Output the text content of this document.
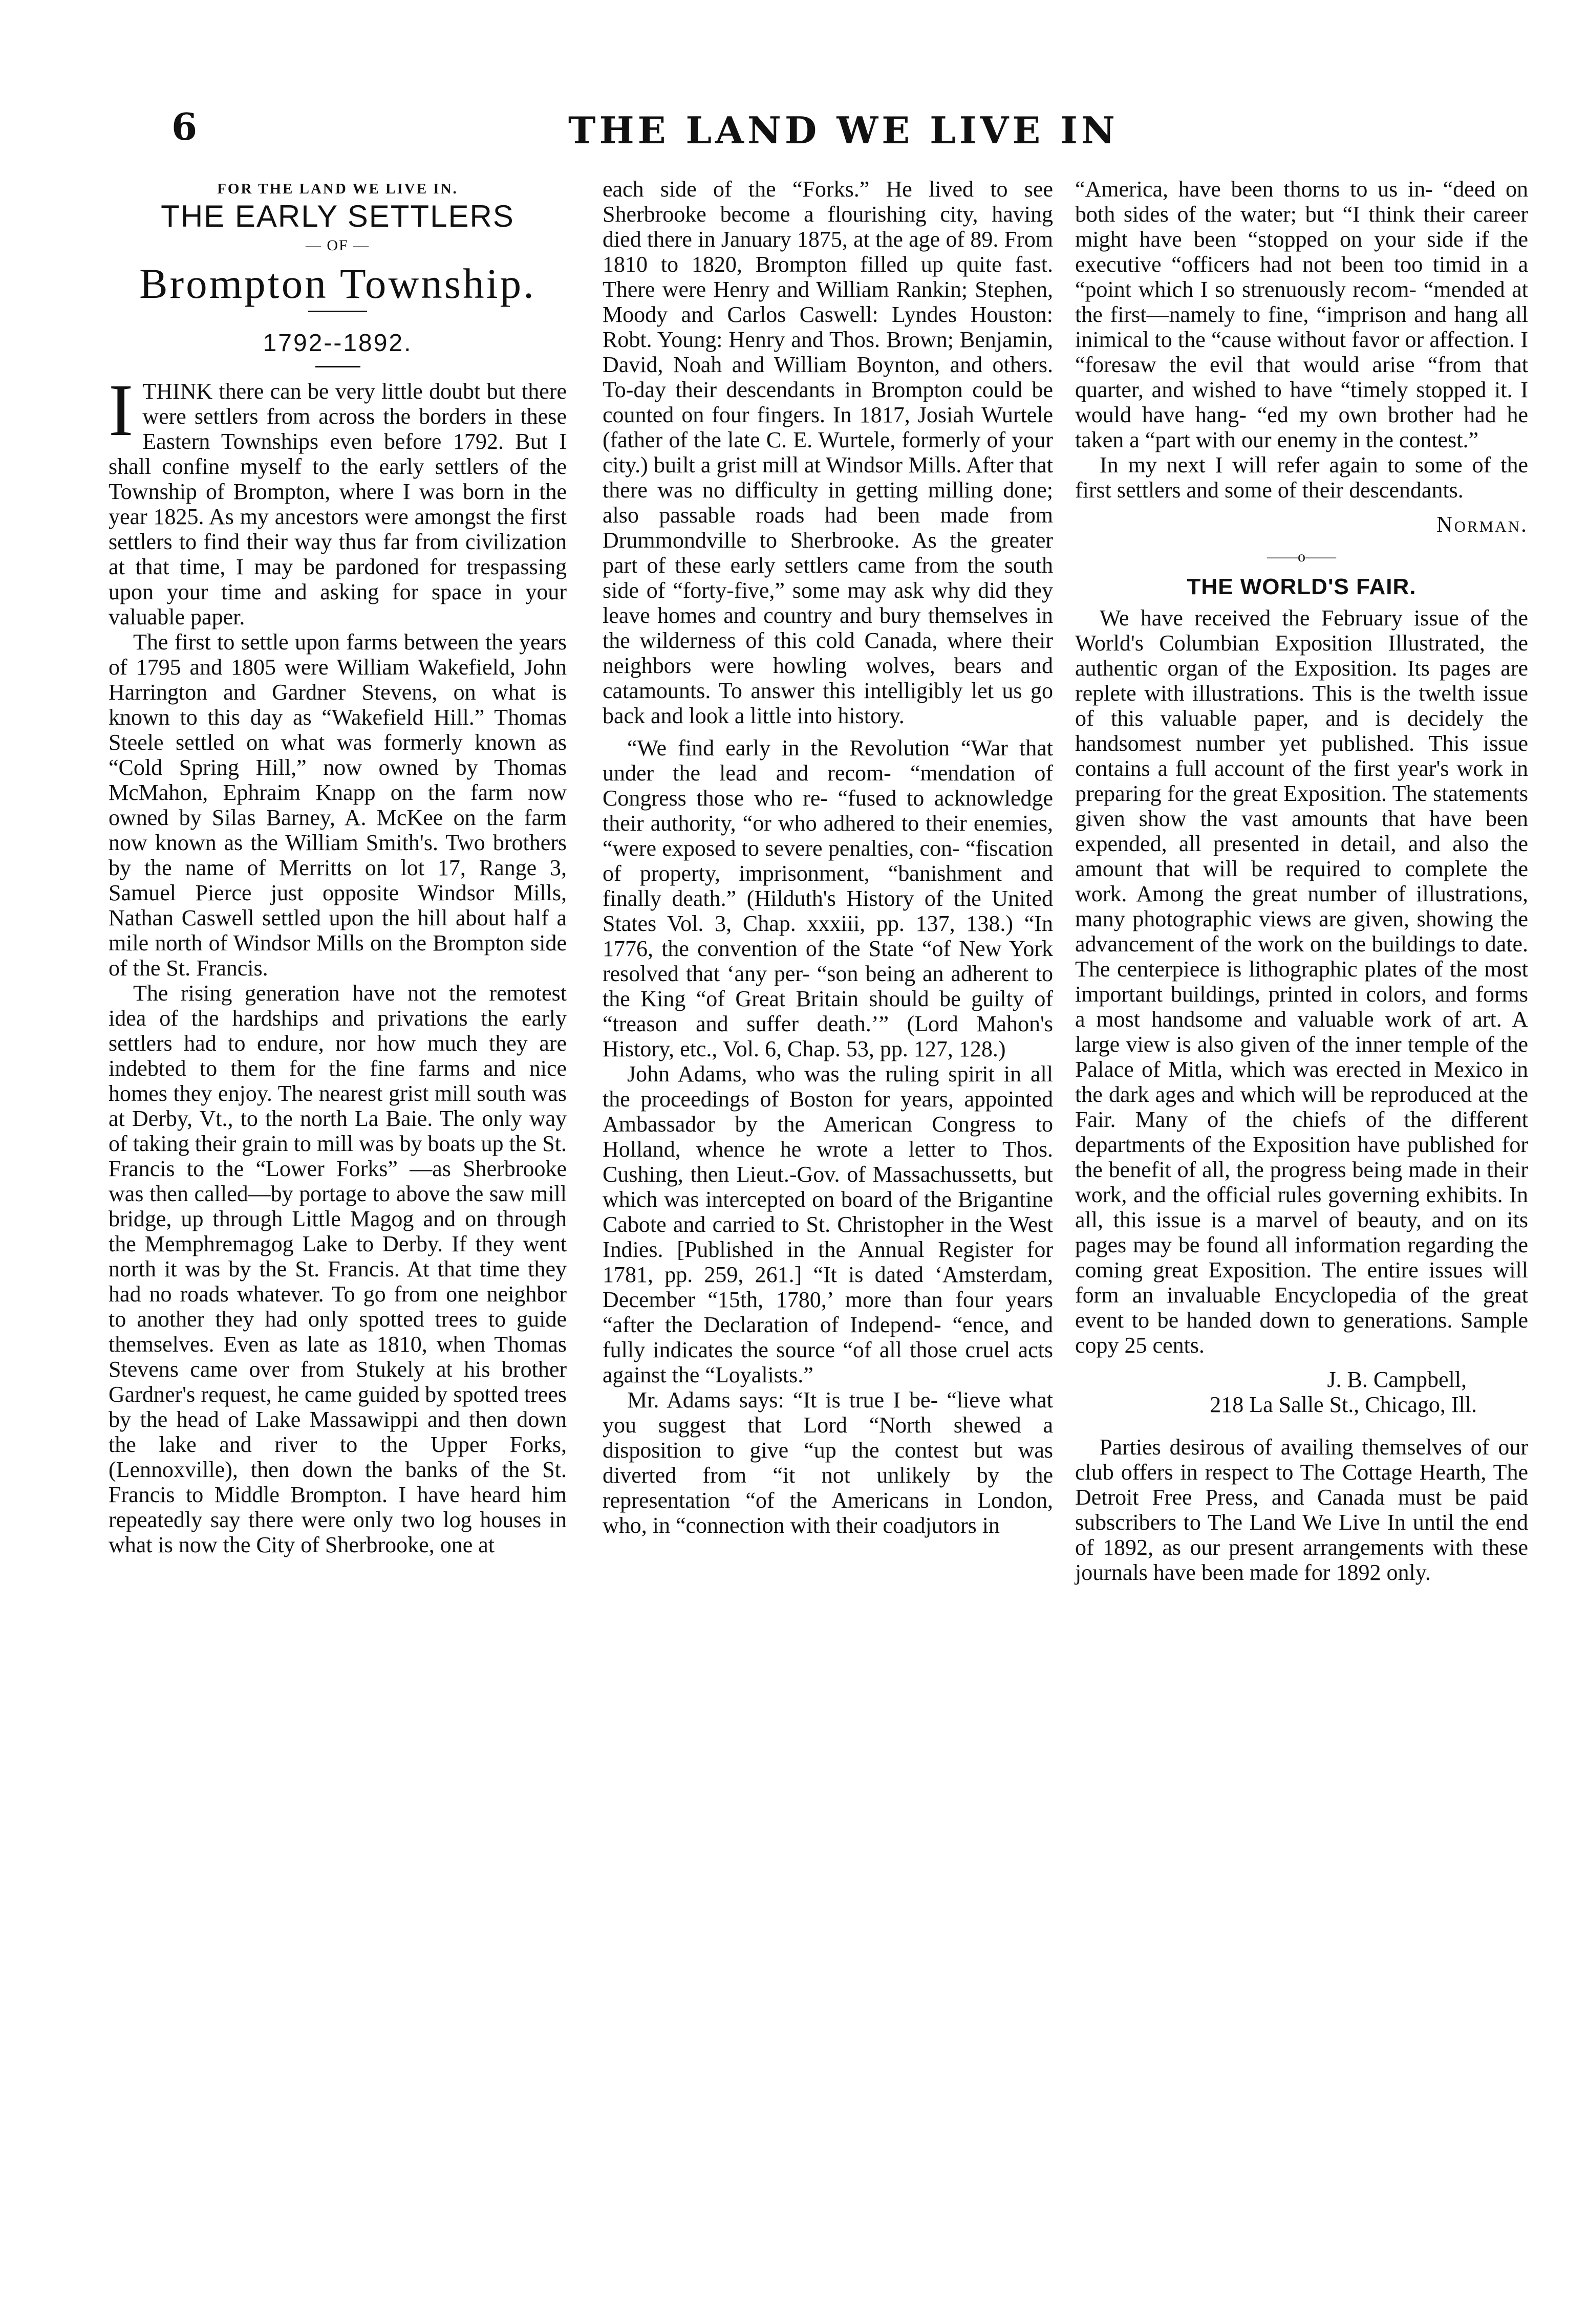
6	THE LAND WE LIVE IN
FOR THE LAND WE LIVE IN.
THE EARLY SETTLERS
— OF —
Brompton Township.
1792--1892.

ITHINK there can be very little doubt but there were settlers from across the borders in these Eastern Townships even before 1792. But I shall confine myself to the early settlers of the Township of Brompton, where I was born in the year 1825. As my ancestors were amongst the first settlers to find their way thus far from civilization at that time, I may be pardoned for trespassing upon your time and asking for space in your valuable paper.

The first to settle upon farms between the years of 1795 and 1805 were William Wakefield, John Harrington and Gardner Stevens, on what is known to this day as “Wakefield Hill.” Thomas Steele settled on what was formerly known as “Cold Spring Hill,” now owned by Thomas McMahon, Ephraim Knapp on the farm now owned by Silas Barney, A. McKee on the farm now known as the William Smith's. Two brothers by the name of Merritts on lot 17, Range 3, Samuel Pierce just opposite Windsor Mills, Nathan Caswell settled upon the hill about half a mile north of Windsor Mills on the Brompton side of the St. Francis.

The rising generation have not the remotest idea of the hardships and privations the early settlers had to endure, nor how much they are indebted to them for the fine farms and nice homes they enjoy. The nearest grist mill south was at Derby, Vt., to the north La Baie. The only way of taking their grain to mill was by boats up the St. Francis to the “Lower Forks” —as Sherbrooke was then called—by portage to above the saw mill bridge, up through Little Magog and on through the Memphremagog Lake to Derby. If they went north it was by the St. Francis. At that time they had no roads whatever. To go from one neighbor to another they had only spotted trees to guide themselves. Even as late as 1810, when Thomas Stevens came over from Stukely at his brother Gardner's request, he came guided by spotted trees by the head of Lake Massawippi and then down the lake and river to the Upper Forks, (Lennoxville), then down the banks of the St. Francis to Middle Brompton. I have heard him repeatedly say there were only two log houses in what is now the City of Sherbrooke, one at

each side of the “Forks.” He lived to see Sherbrooke become a flourishing city, having died there in January 1875, at the age of 89. From 1810 to 1820, Brompton filled up quite fast. There were Henry and William Rankin; Stephen, Moody and Carlos Caswell: Lyndes Houston: Robt. Young: Henry and Thos. Brown; Benjamin, David, Noah and William Boynton, and others. To-day their descendants in Brompton could be counted on four fingers. In 1817, Josiah Wurtele (father of the late C. E. Wurtele, formerly of your city.) built a grist mill at Windsor Mills. After that there was no difficulty in getting milling done; also passable roads had been made from Drummondville to Sherbrooke. As the greater part of these early settlers came from the south side of “forty-five,” some may ask why did they leave homes and country and bury themselves in the wilderness of this cold Canada, where their neighbors were howling wolves, bears and catamounts. To answer this intelligibly let us go back and look a little into history.

“We find early in the Revolution “War that under the lead and recom- “mendation of Congress those who re- “fused to acknowledge their authority, “or who adhered to their enemies, “were exposed to severe penalties, con- “fiscation of property, imprisonment, “banishment and finally death.” (Hilduth's History of the United States Vol. 3, Chap. xxxiii, pp. 137, 138.) “In 1776, the convention of the State “of New York resolved that ‘any per- “son being an adherent to the King “of Great Britain should be guilty of “treason and suffer death.’” (Lord Mahon's History, etc., Vol. 6, Chap. 53, pp. 127, 128.)

John Adams, who was the ruling spirit in all the proceedings of Boston for years, appointed Ambassador by the American Congress to Holland, whence he wrote a letter to Thos. Cushing, then Lieut.-Gov. of Massachussetts, but which was intercepted on board of the Brigantine Cabote and carried to St. Christopher in the West Indies. [Published in the Annual Register for 1781, pp. 259, 261.] “It is dated ‘Amsterdam, December “15th, 1780,’ more than four years “after the Declaration of Independ- “ence, and fully indicates the source “of all those cruel acts against the “Loyalists.”

Mr. Adams says: “It is true I be- “lieve what you suggest that Lord “North shewed a disposition to give “up the contest but was diverted from “it not unlikely by the representation “of the Americans in London, who, in “connection with their coadjutors in

“America, have been thorns to us in- “deed on both sides of the water; but “I think their career might have been “stopped on your side if the executive “officers had not been too timid in a “point which I so strenuously recom- “mended at the first—namely to fine, “imprison and hang all inimical to the “cause without favor or affection. I “foresaw the evil that would arise “from that quarter, and wished to have “timely stopped it. I would have hang- “ed my own brother had he taken a “part with our enemy in the contest.”

In my next I will refer again to some of the first settlers and some of their descendants.

Norman.
——o——
THE WORLD'S FAIR.

We have received the February issue of the World's Columbian Exposition Illustrated, the authentic organ of the Exposition. Its pages are replete with illustrations. This is the twelth issue of this valuable paper, and is decidely the handsomest number yet published. This issue contains a full account of the first year's work in preparing for the great Exposition. The statements given show the vast amounts that have been expended, all presented in detail, and also the amount that will be required to complete the work. Among the great number of illustrations, many photographic views are given, showing the advancement of the work on the buildings to date. The centerpiece is lithographic plates of the most important buildings, printed in colors, and forms a most handsome and valuable work of art. A large view is also given of the inner temple of the Palace of Mitla, which was erected in Mexico in the dark ages and which will be reproduced at the Fair. Many of the chiefs of the different departments of the Exposition have published for the benefit of all, the progress being made in their work, and the official rules governing exhibits. In all, this issue is a marvel of beauty, and on its pages may be found all information regarding the coming great Exposition. The entire issues will form an invaluable Encyclopedia of the great event to be handed down to generations. Sample copy 25 cents.

J. B. Campbell,
218 La Salle St., Chicago, Ill.

Parties desirous of availing themselves of our club offers in respect to The Cottage Hearth, The Detroit Free Press, and Canada must be paid subscribers to The Land We Live In until the end of 1892, as our present arrangements with these journals have been made for 1892 only.
